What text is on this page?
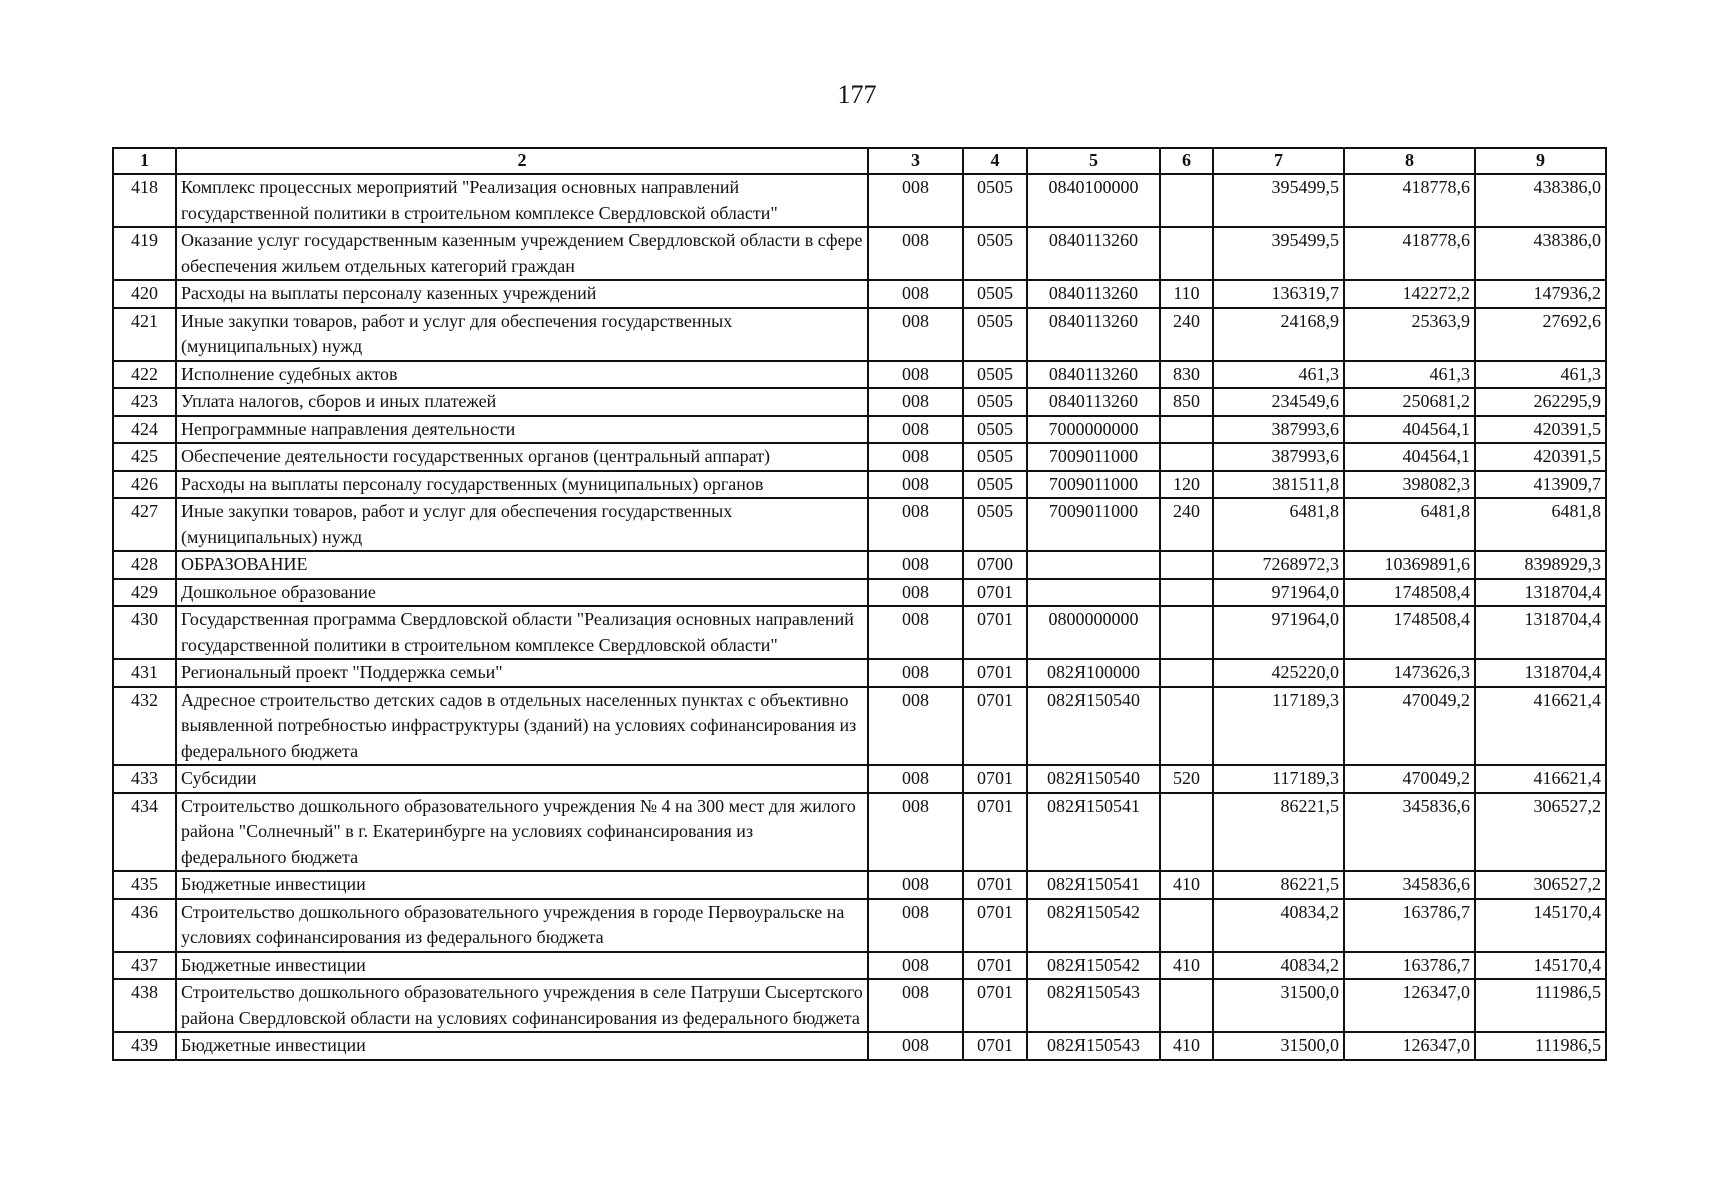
177
1	2	3	4	5	6	7	8	9
418	Комплекс процессных мероприятий "Реализация основных направлений государственной политики в строительном комплексе Свердловской области"	008	0505	0840100000		395499,5	418778,6	438386,0
419	Оказание услуг государственным казенным учреждением Свердловской области в сфере обеспечения жильем отдельных категорий граждан	008	0505	0840113260		395499,5	418778,6	438386,0
420	Расходы на выплаты персоналу казенных учреждений	008	0505	0840113260	110	136319,7	142272,2	147936,2
421	Иные закупки товаров, работ и услуг для обеспечения государственных (муниципальных) нужд	008	0505	0840113260	240	24168,9	25363,9	27692,6
422	Исполнение судебных актов	008	0505	0840113260	830	461,3	461,3	461,3
423	Уплата налогов, сборов и иных платежей	008	0505	0840113260	850	234549,6	250681,2	262295,9
424	Непрограммные направления деятельности	008	0505	7000000000		387993,6	404564,1	420391,5
425	Обеспечение деятельности государственных органов (центральный аппарат)	008	0505	7009011000		387993,6	404564,1	420391,5
426	Расходы на выплаты персоналу государственных (муниципальных) органов	008	0505	7009011000	120	381511,8	398082,3	413909,7
427	Иные закупки товаров, работ и услуг для обеспечения государственных (муниципальных) нужд	008	0505	7009011000	240	6481,8	6481,8	6481,8
428	ОБРАЗОВАНИЕ	008	0700			7268972,3	10369891,6	8398929,3
429	Дошкольное образование	008	0701			971964,0	1748508,4	1318704,4
430	Государственная программа Свердловской области "Реализация основных направлений государственной политики в строительном комплексе Свердловской области"	008	0701	0800000000		971964,0	1748508,4	1318704,4
431	Региональный проект "Поддержка семьи"	008	0701	082Я100000		425220,0	1473626,3	1318704,4
432	Адресное строительство детских садов в отдельных населенных пунктах с объективно выявленной потребностью инфраструктуры (зданий) на условиях софинансирования из федерального бюджета	008	0701	082Я150540		117189,3	470049,2	416621,4
433	Субсидии	008	0701	082Я150540	520	117189,3	470049,2	416621,4
434	Строительство дошкольного образовательного учреждения № 4 на 300 мест для жилого района "Солнечный" в г. Екатеринбурге на условиях софинансирования из федерального бюджета	008	0701	082Я150541		86221,5	345836,6	306527,2
435	Бюджетные инвестиции	008	0701	082Я150541	410	86221,5	345836,6	306527,2
436	Строительство дошкольного образовательного учреждения в городе Первоуральске на условиях софинансирования из федерального бюджета	008	0701	082Я150542		40834,2	163786,7	145170,4
437	Бюджетные инвестиции	008	0701	082Я150542	410	40834,2	163786,7	145170,4
438	Строительство дошкольного образовательного учреждения в селе Патруши Сысертского района Свердловской области на условиях софинансирования из федерального бюджета	008	0701	082Я150543		31500,0	126347,0	111986,5
439	Бюджетные инвестиции	008	0701	082Я150543	410	31500,0	126347,0	111986,5
